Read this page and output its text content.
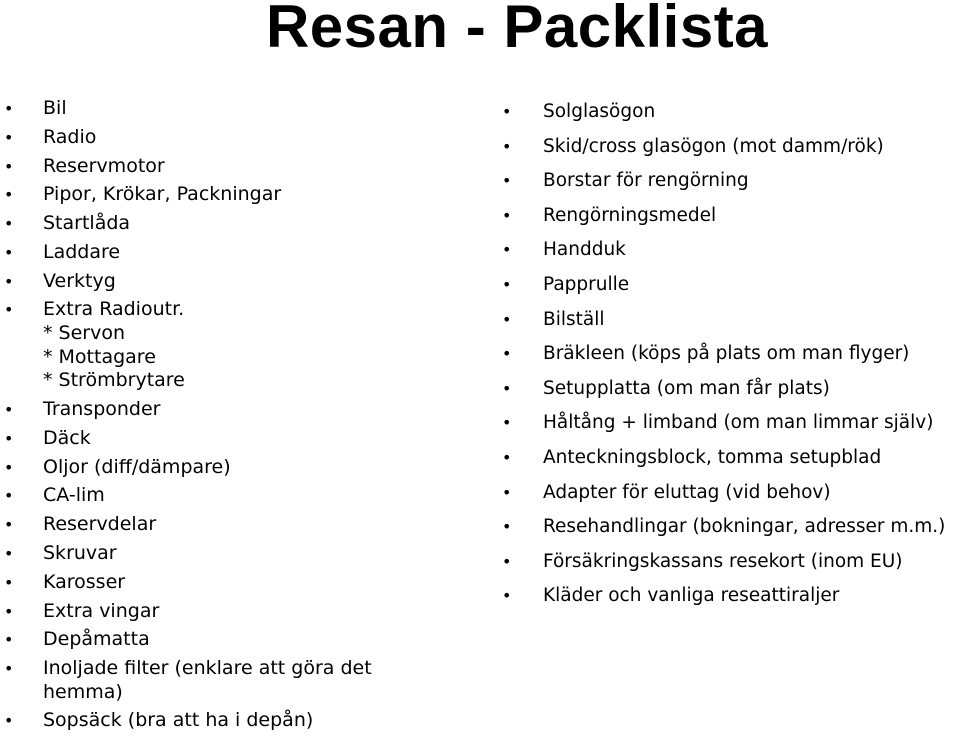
Resan - Packlista
• Bil
• Radio
• Reservmotor
• Pipor, Krökar, Packningar
• Startlåda
• Laddare
• Verktyg
• Extra Radioutr.
* Servon
* Mottagare
* Strömbrytare
• Transponder
• Däck
• Oljor (diff/dämpare)
• CA-lim
• Reservdelar
• Skruvar
• Karosser
• Extra vingar
• Depåmatta
• Inoljade filter (enklare att göra det hemma)
• Sopsäck (bra att ha i depån)
• Solglasögon
• Skid/cross glasögon (mot damm/rök)
• Borstar för rengörning
• Rengörningsmedel
• Handduk
• Papprulle
• Bilställ
• Bräkleen (köps på plats om man flyger)
• Setupplatta (om man får plats)
• Håltång + limband (om man limmar själv)
• Anteckningsblock, tomma setupblad
• Adapter för eluttag (vid behov)
• Resehandlingar (bokningar, adresser m.m.)
• Försäkringskassans resekort (inom EU)
• Kläder och vanliga reseattiraljer
